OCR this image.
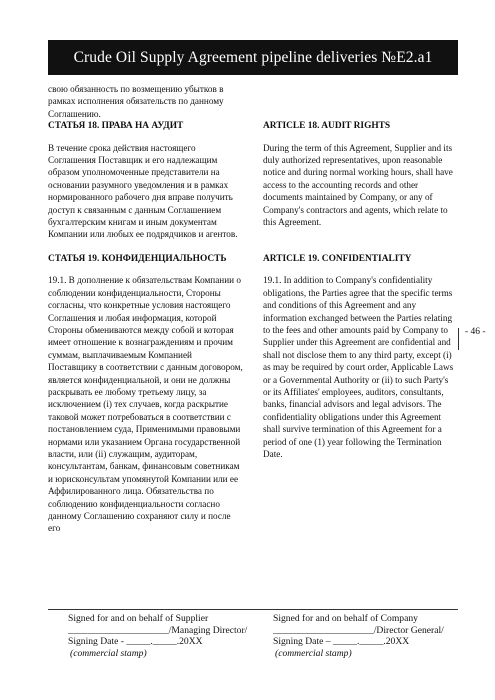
Crude Oil Supply Agreement pipeline deliveries №E2.a1

свою обязанность по возмещению убытков в рамках исполнения обязательств по данному Соглашению.

СТАТЬЯ 18. ПРАВА НА АУДИТ

В течение срока действия настоящего Соглашения Поставщик и его надлежащим образом уполномоченные представители на основании разумного уведомления и в рамках нормированного рабочего дня вправе получить доступ к связанным с данным Соглашением бухгалтерским книгам и иным документам Компании или любых ее подрядчиков и агентов.

ARTICLE 18. AUDIT RIGHTS

During the term of this Agreement, Supplier and its duly authorized representatives, upon reasonable notice and during normal working hours, shall have access to the accounting records and other documents maintained by Company, or any of Company's contractors and agents, which relate to this Agreement.

СТАТЬЯ 19. КОНФИДЕНЦИАЛЬНОСТЬ

19.1. В дополнение к обязательствам Компании о соблюдении конфиденциальности, Стороны согласны, что конкретные условия настоящего Соглашения и любая информация, которой Стороны обмениваются между собой и которая имеет отношение к вознаграждениям и прочим суммам, выплачиваемым Компанией Поставщику в соответствии с данным договором, является конфиденциальной, и они не должны раскрывать ее любому третьему лицу, за исключением (i) тех случаев, когда раскрытие таковой может потребоваться в соответствии с постановлением суда, Применимыми правовыми нормами или указанием Органа государственной власти, или (ii) служащим, аудиторам, консультантам, банкам, финансовым советникам и юрисконсультам упомянутой Компании или ее Аффилированного лица. Обязательства по соблюдению конфиденциальности согласно данному Соглашению сохраняют силу и после его

ARTICLE 19. CONFIDENTIALITY

19.1. In addition to Company's confidentiality obligations, the Parties agree that the specific terms and conditions of this Agreement and any information exchanged between the Parties relating to the fees and other amounts paid by Company to Supplier under this Agreement are confidential and shall not disclose them to any third party, except (i) as may be required by court order, Applicable Laws or a Governmental Authority or (ii) to such Party's or its Affiliates' employees, auditors, consultants, banks, financial advisors and legal advisors. The confidentiality obligations under this Agreement shall survive termination of this Agreement for a period of one (1) year following the Termination Date.

- 46 -
Signed for and on behalf of Supplier
_____________________/Managing Director/
Signing Date - _____._____.20XX
(commercial stamp)
Signed for and on behalf of Company
_____________________/Director General/
Signing Date – _____._____.20XX
(commercial stamp)
